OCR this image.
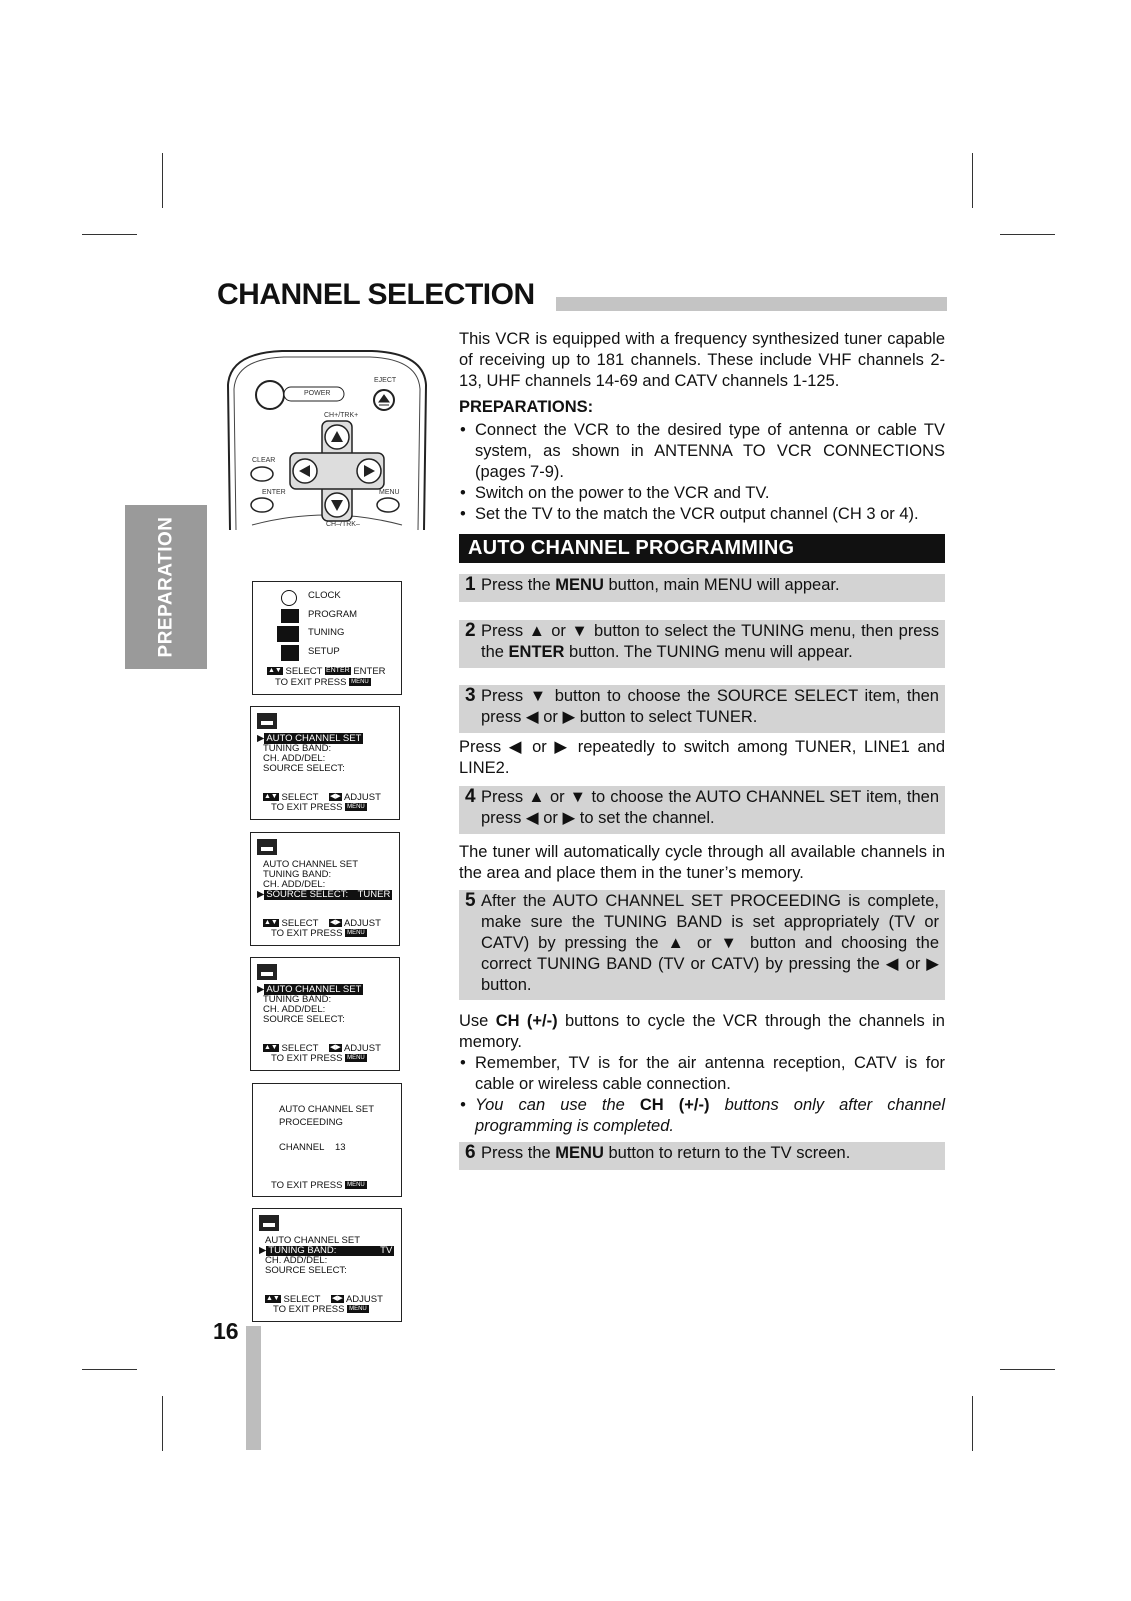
CHANNEL SELECTION
PREPARATION
16
POWER
EJECT
CH+/TRK+
CH–/TRK–
CLEAR
ENTER	MENU
CLOCK
PROGRAM
TUNING
SETUP
▲▼ SELECT ENTER ENTER
TO EXIT PRESS MENU
▶ AUTO CHANNEL SET
TUNING BAND:
CH. ADD/DEL:
SOURCE SELECT:
▲▼ SELECT ◀▶ ADJUST
TO EXIT PRESS MENU
AUTO CHANNEL SET
TUNING BAND:
CH. ADD/DEL:
▶ SOURCE SELECT: TUNER
▲▼ SELECT ◀▶ ADJUST
TO EXIT PRESS MENU
▶ AUTO CHANNEL SET
TUNING BAND:
CH. ADD/DEL:
SOURCE SELECT:
▲▼ SELECT ◀▶ ADJUST
TO EXIT PRESS MENU
AUTO CHANNEL SET
PROCEEDING
CHANNEL 13
TO EXIT PRESS MENU
AUTO CHANNEL SET
▶ TUNING BAND:	TV
CH. ADD/DEL:
SOURCE SELECT:
▲▼ SELECT ◀▶ ADJUST
TO EXIT PRESS MENU
This VCR is equipped with a frequency synthesized tuner capable of receiving up to 181 channels. These include VHF channels 2-13, UHF channels 14-69 and CATV channels 1-125.
PREPARATIONS:
• Connect the VCR to the desired type of antenna or cable TV system, as shown in ANTENNA TO VCR CONNECTIONS (pages 7-9).
• Switch on the power to the VCR and TV.
• Set the TV to the match the VCR output channel (CH 3 or 4).
AUTO CHANNEL PROGRAMMING
1 Press the MENU button, main MENU will appear.
2 Press ▲ or ▼ button to select the TUNING menu, then press the ENTER button. The TUNING menu will appear.
3 Press ▼ button to choose the SOURCE SELECT item, then press ◀ or ▶ button to select TUNER.
Press ◀ or ▶ repeatedly to switch among TUNER, LINE1 and LINE2.
4 Press ▲ or ▼ to choose the AUTO CHANNEL SET item, then press ◀ or ▶ to set the channel.
The tuner will automatically cycle through all available channels in the area and place them in the tuner’s memory.
5 After the AUTO CHANNEL SET PROCEEDING is complete, make sure the TUNING BAND is set appropriately (TV or CATV) by pressing the ▲ or ▼ button and choosing the correct TUNING BAND (TV or CATV) by pressing the ◀ or ▶ button.
Use CH (+/-) buttons to cycle the VCR through the channels in memory.
• Remember, TV is for the air antenna reception, CATV is for cable or wireless cable connection.
• You can use the CH (+/-) buttons only after channel programming is completed.
6 Press the MENU button to return to the TV screen.
